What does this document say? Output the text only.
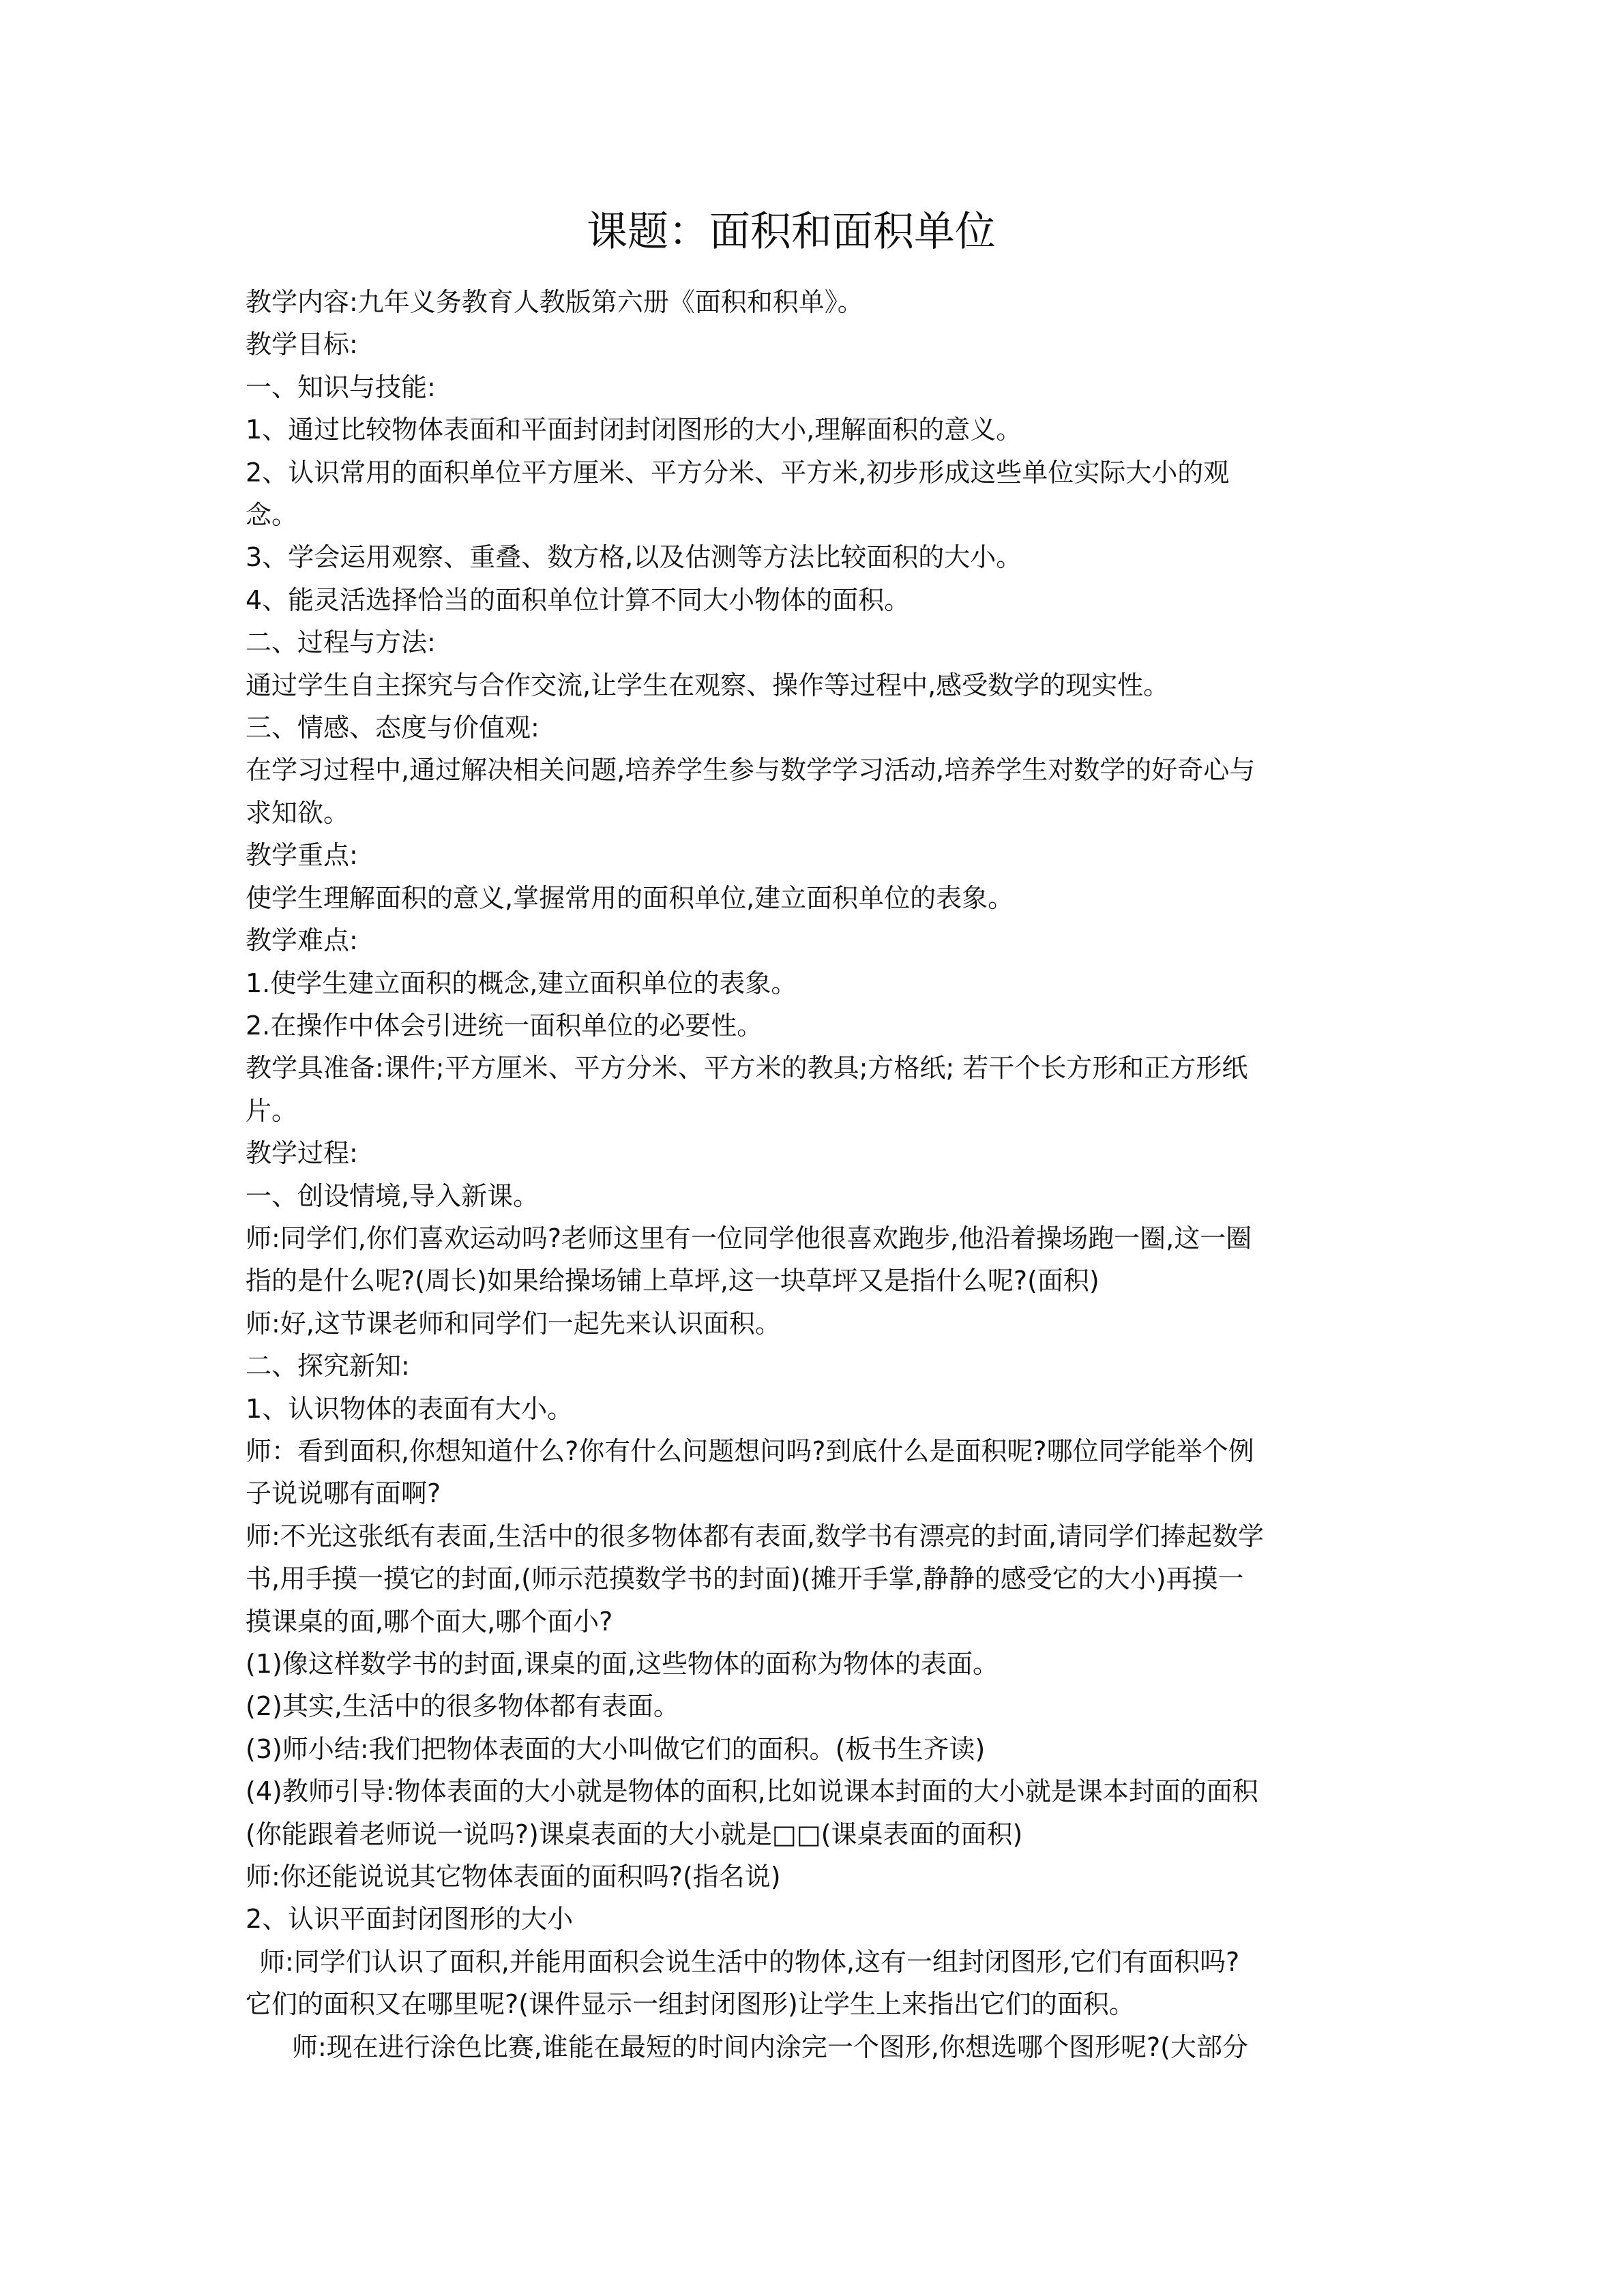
课题：面积和面积单位

教学内容:九年义务教育人教版第六册《面积和积单》。

教学目标:

一、知识与技能:

1、通过比较物体表面和平面封闭封闭图形的大小,理解面积的意义。

2、认识常用的面积单位平方厘米、平方分米、平方米,初步形成这些单位实际大小的观

念。

3、学会运用观察、重叠、数方格,以及估测等方法比较面积的大小。

4、能灵活选择恰当的面积单位计算不同大小物体的面积。

二、过程与方法:

通过学生自主探究与合作交流,让学生在观察、操作等过程中,感受数学的现实性。

三、情感、态度与价值观:

在学习过程中,通过解决相关问题,培养学生参与数学学习活动,培养学生对数学的好奇心与

求知欲。

教学重点:

使学生理解面积的意义,掌握常用的面积单位,建立面积单位的表象。

教学难点:

1.使学生建立面积的概念,建立面积单位的表象。

2.在操作中体会引进统一面积单位的必要性。

教学具准备:课件;平方厘米、平方分米、平方米的教具;方格纸; 若干个长方形和正方形纸

片。

教学过程:

一、创设情境,导入新课。

师:同学们,你们喜欢运动吗?老师这里有一位同学他很喜欢跑步,他沿着操场跑一圈,这一圈

指的是什么呢?(周长)如果给操场铺上草坪,这一块草坪又是指什么呢?(面积)

师:好,这节课老师和同学们一起先来认识面积。

二、探究新知:

1、认识物体的表面有大小。

师：看到面积,你想知道什么?你有什么问题想问吗?到底什么是面积呢?哪位同学能举个例

子说说哪有面啊?

师:不光这张纸有表面,生活中的很多物体都有表面,数学书有漂亮的封面,请同学们捧起数学

书,用手摸一摸它的封面,(师示范摸数学书的封面)(摊开手掌,静静的感受它的大小)再摸一

摸课桌的面,哪个面大,哪个面小?

(1)像这样数学书的封面,课桌的面,这些物体的面称为物体的表面。

(2)其实,生活中的很多物体都有表面。

(3)师小结:我们把物体表面的大小叫做它们的面积。(板书生齐读)

(4)教师引导:物体表面的大小就是物体的面积,比如说课本封面的大小就是课本封面的面积

(你能跟着老师说一说吗?)课桌表面的大小就是□□(课桌表面的面积)

师:你还能说说其它物体表面的面积吗?(指名说)

2、认识平面封闭图形的大小

师:同学们认识了面积,并能用面积会说生活中的物体,这有一组封闭图形,它们有面积吗?

它们的面积又在哪里呢?(课件显示一组封闭图形)让学生上来指出它们的面积。

师:现在进行涂色比赛,谁能在最短的时间内涂完一个图形,你想选哪个图形呢?(大部分
